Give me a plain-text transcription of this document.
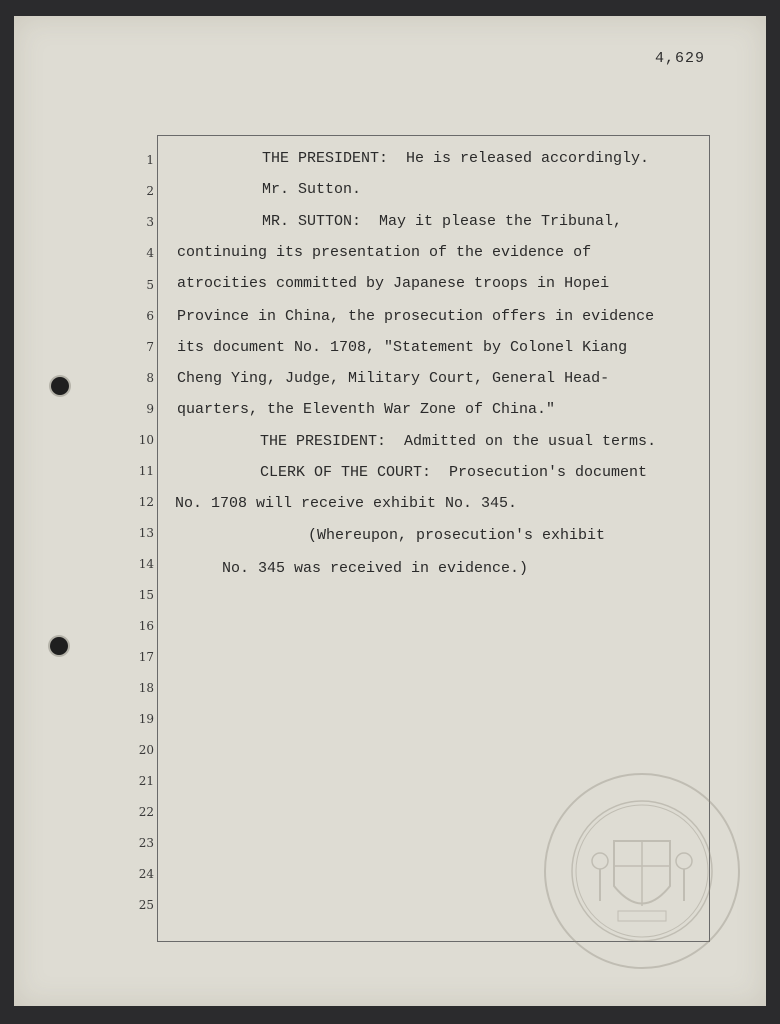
4,629
1
2
3
4
5
6
7
8
9
10
11
12
13
14
15
16
17
18
19
20
21
22
23
24
25
THE PRESIDENT:  He is released accordingly.
Mr. Sutton.
MR. SUTTON:  May it please the Tribunal,
continuing its presentation of the evidence of
atrocities committed by Japanese troops in Hopei
Province in China, the prosecution offers in evidence
its document No. 1708, "Statement by Colonel Kiang
Cheng Ying, Judge, Military Court, General Head-
quarters, the Eleventh War Zone of China."
THE PRESIDENT:  Admitted on the usual terms.
CLERK OF THE COURT:  Prosecution's document
No. 1708 will receive exhibit No. 345.
(Whereupon, prosecution's exhibit
No. 345 was received in evidence.)
